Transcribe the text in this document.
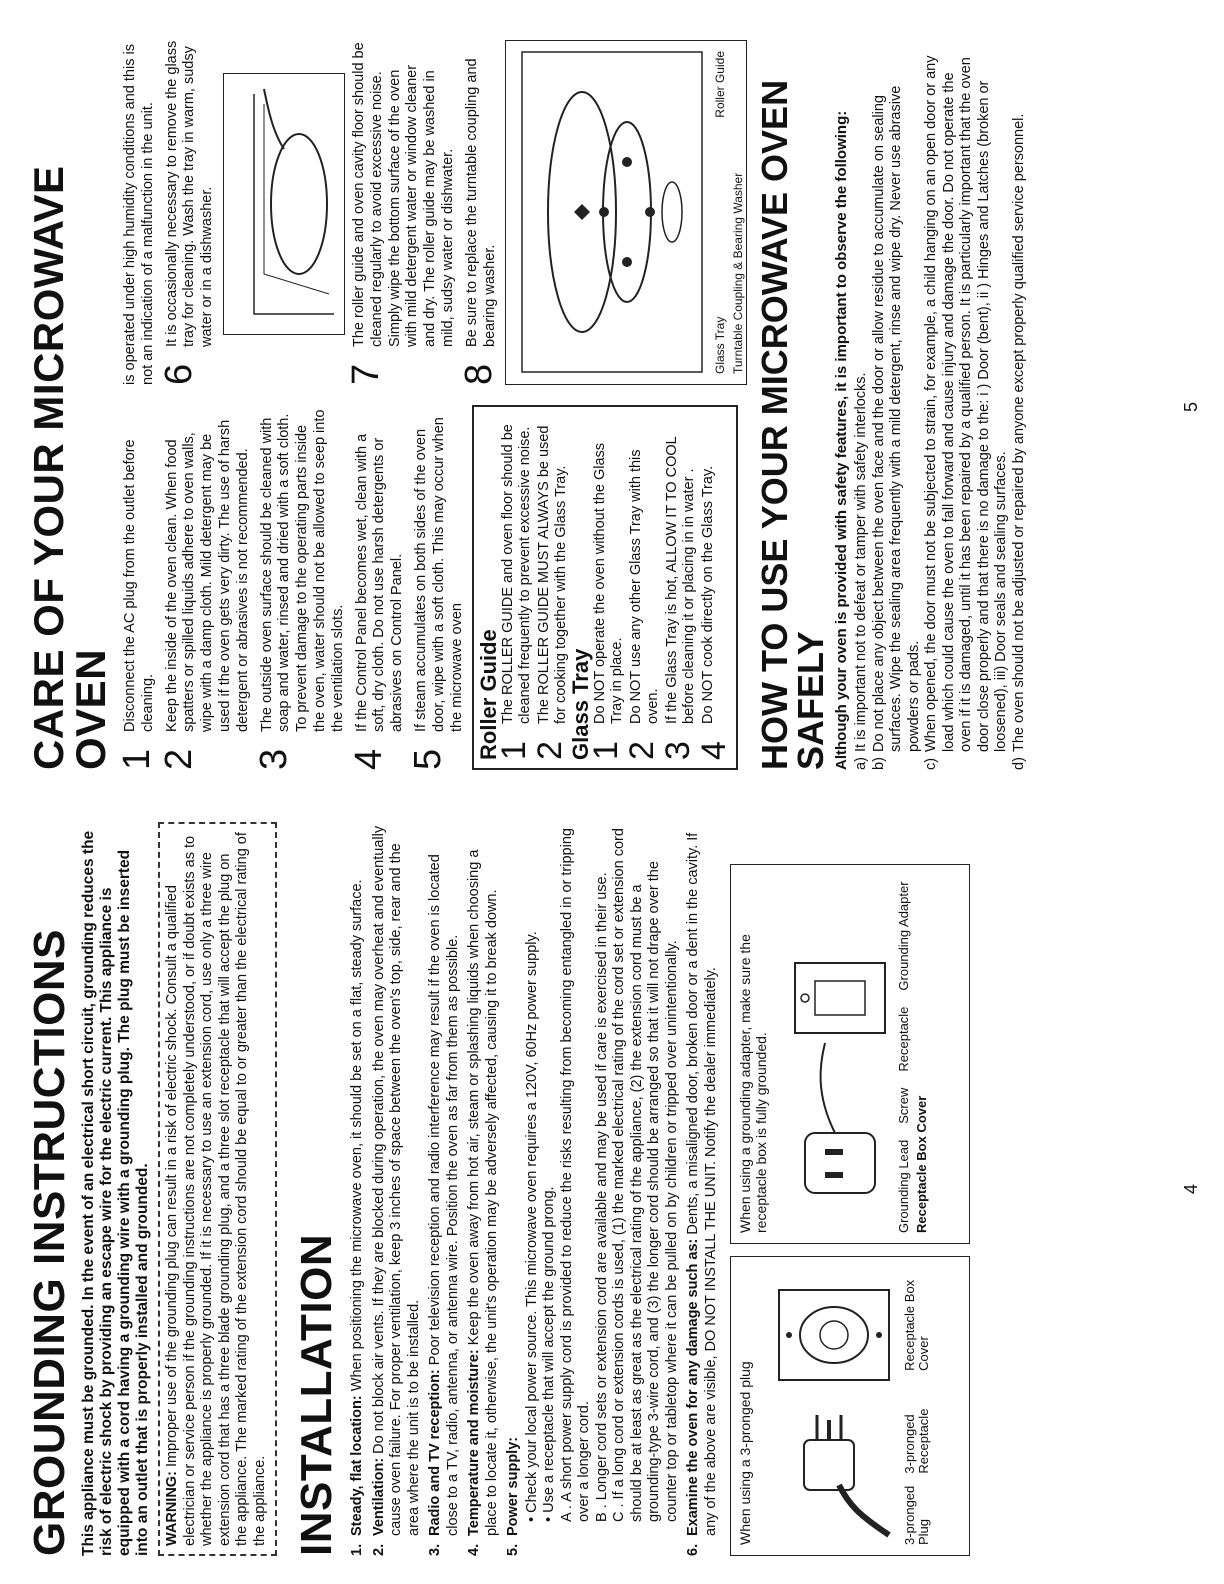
GROUNDING INSTRUCTIONS This appliance must be grounded. In the event of an electrical short circuit, grounding reduces the risk of electric shock by providing an escape wire for the electric current. This appliance is equipped with a cord having a grounding wire with a grounding plug. The plug must be inserted into an outlet that is properly installed and grounded. WARNING: Improper use of the grounding plug can result in a risk of electric shock. Consult a qualified electrician or service person if the grounding instructions are not completely understood, or if doubt exists as to whether the appliance is properly grounded. If it is necessary to use an extension cord, use only a three wire extension cord that has a three blade grounding plug, and a three slot receptacle that will accept the plug on the appliance. The marked rating of the extension cord should be equal to or greater than the electrical rating of the appliance. INSTALLATION 1.
Steady, flat location: When positioning the microwave oven, it should be set on a flat, steady surface.
2.
Ventilation: Do not block air vents. If they are blocked during operation, the oven may overheat and eventually cause oven failure. For proper ventilation, keep 3 inches of space between the oven's top, side, rear and the area where the unit is to be installed.
3.
Radio and TV reception: Poor television reception and radio interference may result if the oven is located close to a TV, radio, antenna, or antenna wire. Position the oven as far from them as possible.
4.
Temperature and moisture: Keep the oven away from hot air, steam or splashing liquids when choosing a place to locate it, otherwise, the unit's operation may be adversely affected, causing it to break down.
5.
Power supply: • Check your local power source. This microwave oven requires a 120V, 60Hz power supply. • Use a receptacle that will accept the ground prong. A . A short power supply cord is provided to reduce the risks resulting from becoming entangled in or tripping over a longer cord. B . Longer cord sets or extension cord are available and may be used if care is exercised in their use. C . If a long cord or extension cords is used, (1) the marked electrical rating of the cord set or extension cord should be at least as great as the electrical rating of the appliance, (2) the extension cord must be a grounding-type 3-wire cord, and (3) the longer cord should be arranged so that it will not drape over the counter top or tabletop where it can be pulled on by children or tripped over unintentionally.
6.
Examine the oven for any damage such as: Dents, a misaligned door, broken door or a dent in the cavity. If any of the above are visible, DO NOT INSTALL THE UNIT. Notify the dealer immediately. When using a 3-pronged plug	3-pronged Plug
3-pronged Receptacle
Receptacle Box Cover
When using a grounding adapter, make sure the receptacle box is fully grounded.	Grounding Lead
Screw
Receptacle
Grounding Adapter
Receptacle Box Cover	4
CARE OF YOUR MICROWAVE OVEN 1
Disconnect the AC plug from the outlet before cleaning.
2
Keep the inside of the oven clean. When food spatters or spilled liquids adhere to oven walls, wipe with a damp cloth. Mild detergent may be used if the oven gets very dirty. The use of harsh detergent or abrasives is not recommended.
3
The outside oven surface should be cleaned with soap and water, rinsed and dried with a soft cloth. To prevent damage to the operating parts inside the oven, water should not be allowed to seep into the ventilation slots.
4
If the Control Panel becomes wet, clean with a soft, dry cloth. Do not use harsh detergents or abrasives on Control Panel.
5
If steam accumulates on both sides of the oven door, wipe with a soft cloth. This may occur when the microwave oven Roller Guide
1
The ROLLER GUIDE and oven floor should be cleaned frequently to prevent excessive noise.
2
The ROLLER GUIDE MUST ALWAYS be used for cooking together with the Glass Tray. Glass Tray
1
Do NOT operate the oven without the Glass Tray in place.
2
Do NOT use any other Glass Tray with this oven.
3
If the Glass Tray is hot, ALLOW IT TO COOL before cleaning it or placing in in water .
4
Do NOT cook directly on the Glass Tray.
is operated under high humidity conditions and this is not an indication of a malfunction in the unit. 6
It is occasionally necessary to remove the glass tray for cleaning. Wash the tray in warm, sudsy water or in a dishwasher.
7
The roller guide and oven cavity floor should be cleaned regularly to avoid excessive noise. Simply wipe the bottom surface of the oven with mild detergent water or window cleaner and dry. The roller guide may be washed in mild, sudsy water or dishwater.
8
Be sure to replace the turntable coupling and bearing washer.	Glass Tray
Roller Guide
Turntable Coupling & Bearing Washer HOW TO USE YOUR MICROWAVE OVEN SAFELY Although your oven is provided with safety features, it is important to observe the following: a)
It is important not to defeat or tamper with safety interlocks.
b)
Do not place any object between the oven face and the door or allow residue to accumulate on sealing surfaces. Wipe the sealing area frequently with a mild detergent, rinse and wipe dry. Never use abrasive powders or pads.
c)
When opened, the door must not be subjected to strain, for example, a child hanging on an open door or any load which could cause the oven to fall forward and cause injury and damage the door. Do not operate the oven if it is damaged, until it has been repaired by a qualified person. It is particularly important that the oven door close properly and that there is no damage to the: i ) Door (bent), ii ) Hinges and Latches (broken or loosened), iii) Door seals and sealing surfaces.
d)
The oven should not be adjusted or repaired by anyone except properly qualified service personnel.	5
